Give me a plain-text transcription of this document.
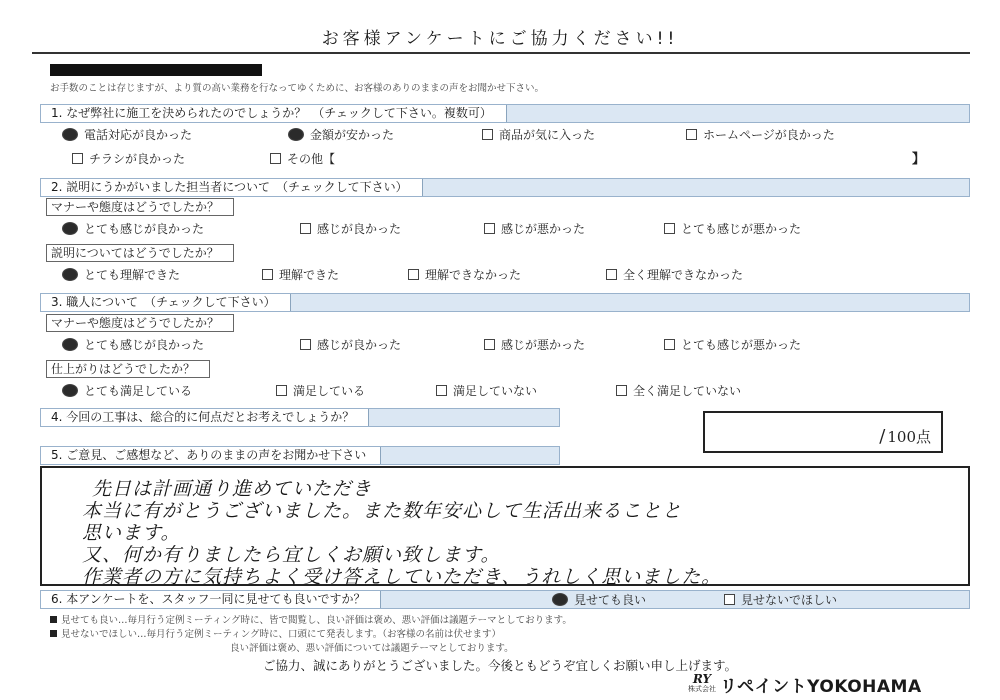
お客様アンケートにご協力ください!!
お手数のことは存じますが、より質の高い業務を行なってゆくために、お客様のありのままの声をお聞かせ下さい。
1. なぜ弊社に施工を決められたのでしょうか？　（チェックして下さい。複数可）
電話対応が良かった	金額が安かった	商品が気に入った	ホームページが良かった
チラシが良かった	その他【	】
2. 説明にうかがいました担当者について　（チェックして下さい）
マナーや態度はどうでしたか？
とても感じが良かった	感じが良かった	感じが悪かった	とても感じが悪かった
説明についてはどうでしたか？
とても理解できた	理解できた	理解できなかった	全く理解できなかった
3. 職人について　（チェックして下さい）
マナーや態度はどうでしたか？
とても感じが良かった	感じが良かった	感じが悪かった	とても感じが悪かった
仕上がりはどうでしたか？
とても満足している	満足している	満足していない	全く満足していない
4. 今回の工事は、総合的に何点だとお考えでしょうか？
/ 100点
5. ご意見、ご感想など、ありのままの声をお聞かせ下さい
先日は計画通り進めていただき
本当に有がとうございました。また数年安心して生活出来ることと
思います。
又、何か有りましたら宜しくお願い致します。
作業者の方に気持ちよく受け答えしていただき、うれしく思いました。
6. 本アンケートを、スタッフ一同に見せても良いですか？	見せても良い	見せないでほしい
見せても良い…毎月行う定例ミーティング時に、皆で閲覧し、良い評価は褒め、悪い評価は議題テーマとしております。
見せないでほしい…毎月行う定例ミーティング時に、口頭にて発表します。（お客様の名前は伏せます）
良い評価は褒め、悪い評価については議題テーマとしております。
ご協力、誠にありがとうございました。今後ともどうぞ宜しくお願い申し上げます。
RY
株式会社 リペイントYOKOHAMA
